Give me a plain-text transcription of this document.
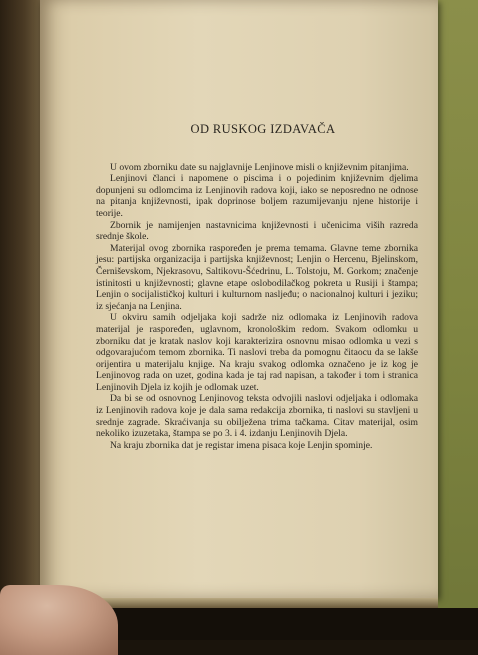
OD RUSKOG IZDAVAČA

U ovom zborniku date su najglavnije Lenjinove misli o književnim pitanjima.

Lenjinovi članci i napomene o piscima i o pojedinim književnim djelima dopunjeni su odlomcima iz Lenjinovih radova koji, iako se neposredno ne odnose na pitanja književnosti, ipak doprinose boljem razumijevanju njene historije i teorije.

Zbornik je namijenjen nastavnicima književnosti i učenicima viših razreda srednje škole.

Materijal ovog zbornika raspoređen je prema temama. Glavne teme zbornika jesu: partijska organizacija i partijska književnost; Lenjin o Hercenu, Bjelinskom, Černiševskom, Njekrasovu, Saltikovu-Šćedrinu, L. Tolstoju, M. Gorkom; značenje istinitosti u književnosti; glavne etape oslobodilačkog pokreta u Rusiji i štampa; Lenjin o socijalističkoj kulturi i kulturnom nasljeđu; o nacionalnoj kulturi i jeziku; iz sjećanja na Lenjina.

U okviru samih odjeljaka koji sadrže niz odlomaka iz Lenjinovih radova materijal je raspoređen, uglavnom, kronološkim redom. Svakom odlomku u zborniku dat je kratak naslov koji karakterizira osnovnu misao odlomka u vezi s odgovarajućom temom zbornika. Ti naslovi treba da pomognu čitaocu da se lakše orijentira u materijalu knjige. Na kraju svakog odlomka označeno je iz kog je Lenjinovog rada on uzet, godina kada je taj rad napisan, a također i tom i stranica Lenjinovih Djela iz kojih je odlomak uzet.

Da bi se od osnovnog Lenjinovog teksta odvojili naslovi odjeljaka i odlomaka iz Lenjinovih radova koje je dala sama redakcija zbornika, ti naslovi su stavljeni u srednje zagrade. Skraćivanja su obilježena trima tačkama. Citav materijal, osim nekoliko izuzetaka, štampa se po 3. i 4. izdanju Lenjinovih Djela.

Na kraju zbornika dat je registar imena pisaca koje Lenjin spominje.
